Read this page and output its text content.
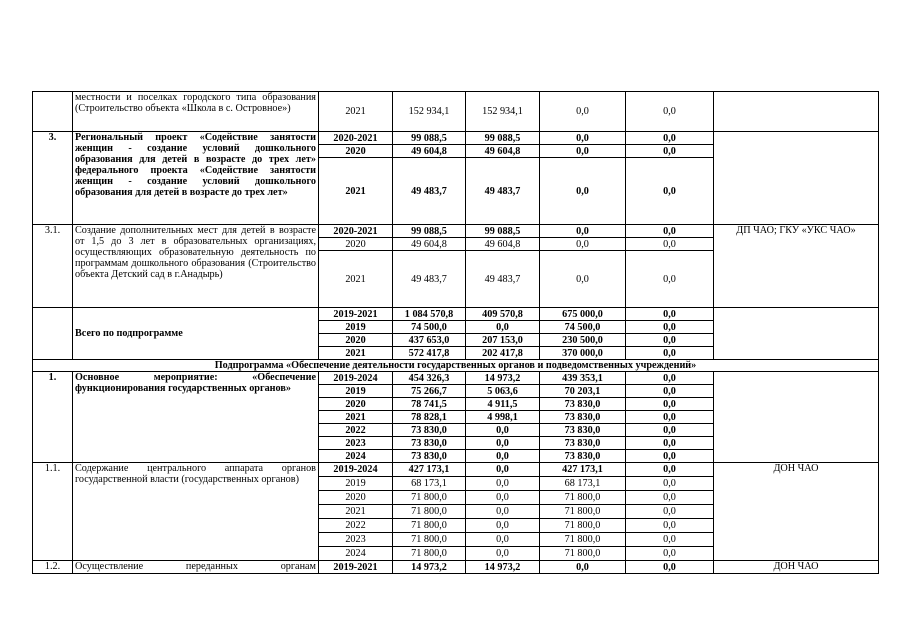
	местности и поселках городского типа образования (Строительство объекта «Школа в с. Островное»)	2021	152 934,1	152 934,1	0,0	0,0	
3.	Региональный проект «Содействие занятости женщин - создание условий дошкольного образования для детей в возрасте до трех лет» федерального проекта «Содействие занятости женщин - создание условий дошкольного образования для детей в возрасте до трех лет»	2020-2021	99 088,5	99 088,5	0,0	0,0	
		2020	49 604,8	49 604,8	0,0	0,0	
		2021	49 483,7	49 483,7	0,0	0,0	
3.1.	Создание дополнительных мест для детей в возрасте от 1,5 до 3 лет в образовательных организациях, осуществляющих образовательную деятельность по программам дошкольного образования (Строительство объекта Детский сад в г.Анадырь)	2020-2021	99 088,5	99 088,5	0,0	0,0	ДП ЧАО; ГКУ «УКС ЧАО»
		2020	49 604,8	49 604,8	0,0	0,0	
		2021	49 483,7	49 483,7	0,0	0,0	
	Всего по подпрограмме	2019-2021	1 084 570,8	409 570,8	675 000,0	0,0	
		2019	74 500,0	0,0	74 500,0	0,0	
		2020	437 653,0	207 153,0	230 500,0	0,0	
		2021	572 417,8	202 417,8	370 000,0	0,0	
Подпрограмма «Обеспечение деятельности государственных органов и подведомственных учреждений»							
1.	Основное мероприятие: «Обеспечение функционирования государственных органов»	2019-2024	454 326,3	14 973,2	439 353,1	0,0	
		2019	75 266,7	5 063,6	70 203,1	0,0	
		2020	78 741,5	4 911,5	73 830,0	0,0	
		2021	78 828,1	4 998,1	73 830,0	0,0	
		2022	73 830,0	0,0	73 830,0	0,0	
		2023	73 830,0	0,0	73 830,0	0,0	
		2024	73 830,0	0,0	73 830,0	0,0	
1.1.	Содержание центрального аппарата органов государственной власти (государственных органов)	2019-2024	427 173,1	0,0	427 173,1	0,0	ДОН ЧАО
		2019	68 173,1	0,0	68 173,1	0,0	
		2020	71 800,0	0,0	71 800,0	0,0	
		2021	71 800,0	0,0	71 800,0	0,0	
		2022	71 800,0	0,0	71 800,0	0,0	
		2023	71 800,0	0,0	71 800,0	0,0	
		2024	71 800,0	0,0	71 800,0	0,0	
1.2.	Осуществление переданных органам	2019-2021	14 973,2	14 973,2	0,0	0,0	ДОН ЧАО
